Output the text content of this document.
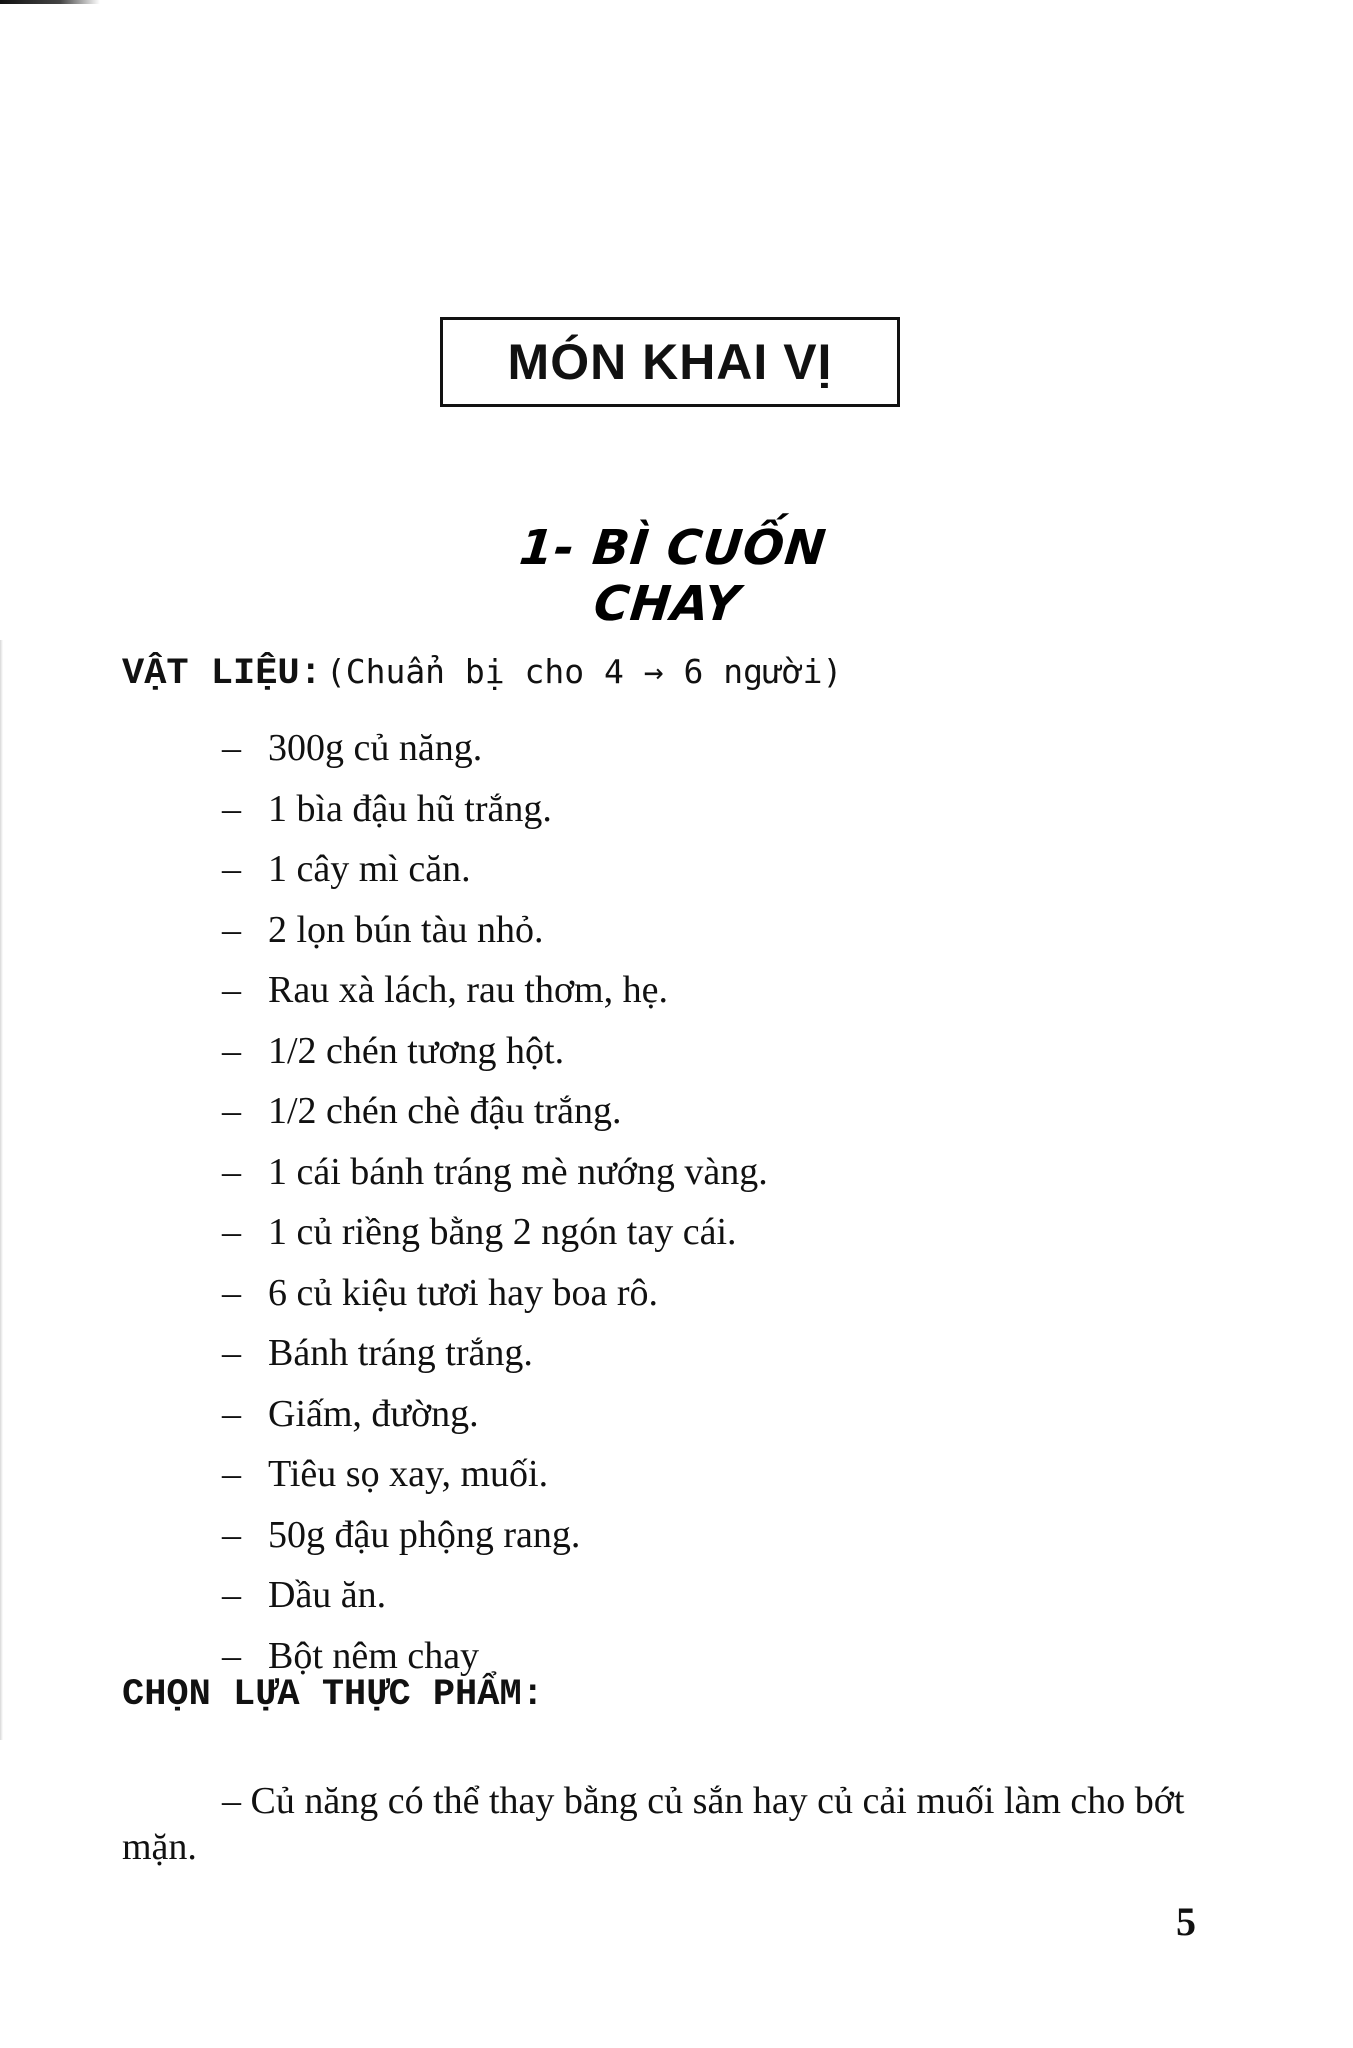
MÓN KHAI VỊ
1- BÌ CUỐN CHAY
VẬT LIỆU: (Chuẩn bị cho 4 → 6 người)
– 300g củ năng.
– 1 bìa đậu hũ trắng.
– 1 cây mì căn.
– 2 lọn bún tàu nhỏ.
– Rau xà lách, rau thơm, hẹ.
– 1/2 chén tương hột.
– 1/2 chén chè đậu trắng.
– 1 cái bánh tráng mè nướng vàng.
– 1 củ riềng bằng 2 ngón tay cái.
– 6 củ kiệu tươi hay boa rô.
– Bánh tráng trắng.
– Giấm, đường.
– Tiêu sọ xay, muối.
– 50g đậu phộng rang.
– Dầu ăn.
– Bột nêm chay
CHỌN LỰA THỰC PHẨM:

– Củ năng có thể thay bằng củ sắn hay củ cải muối làm cho bớt mặn.

5
